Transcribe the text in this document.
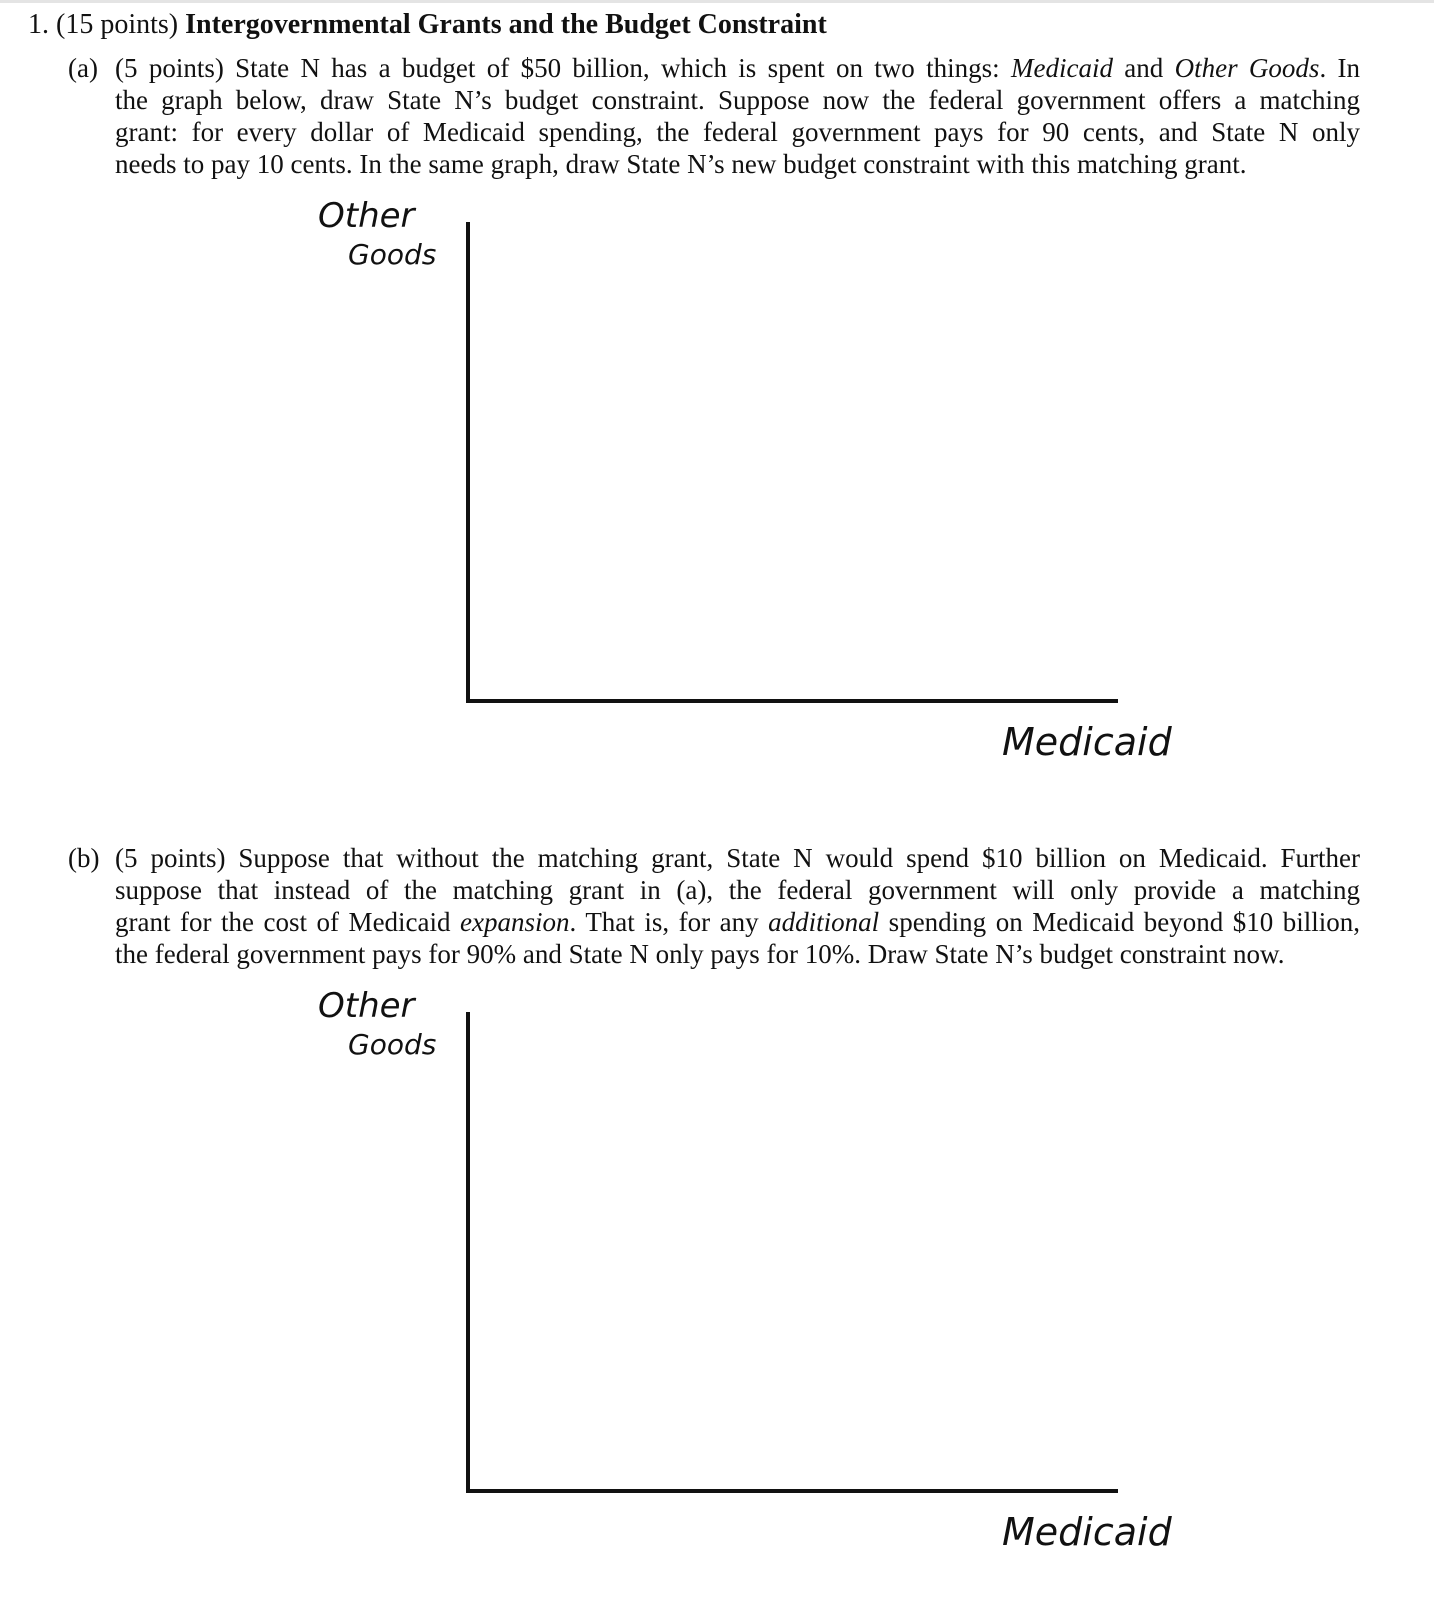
1. (15 points) Intergovernmental Grants and the Budget Constraint
(a) (5 points) State N has a budget of $50 billion, which is spent on two things: Medicaid and Other Goods. In
the graph below, draw State N’s budget constraint. Suppose now the federal government offers a matching
grant: for every dollar of Medicaid spending, the federal government pays for 90 cents, and State N only
needs to pay 10 cents. In the same graph, draw State N’s new budget constraint with this matching grant.
Other
Goods
Medicaid
(b) (5 points) Suppose that without the matching grant, State N would spend $10 billion on Medicaid. Further
suppose that instead of the matching grant in (a), the federal government will only provide a matching
grant for the cost of Medicaid expansion. That is, for any additional spending on Medicaid beyond $10 billion,
the federal government pays for 90% and State N only pays for 10%. Draw State N’s budget constraint now.
Other
Goods
Medicaid
